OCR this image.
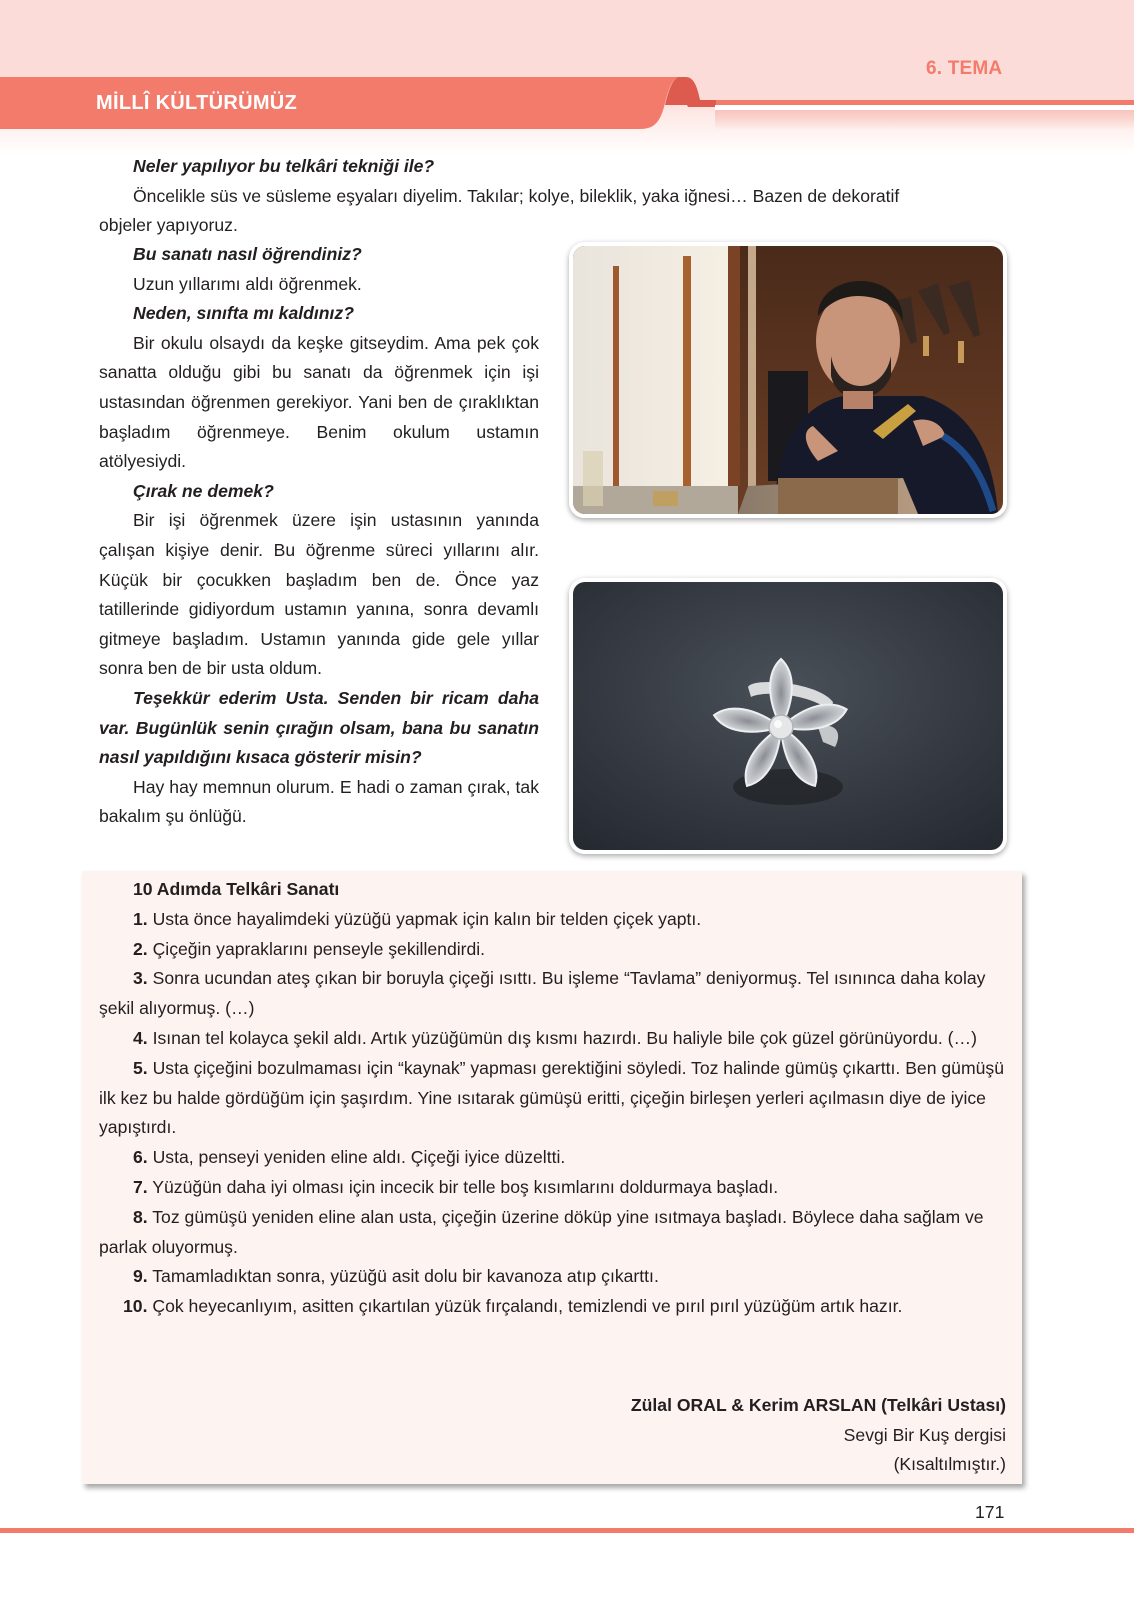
6. TEMA
MİLLÎ KÜLTÜRÜMÜZ
Neler yapılıyor bu telkâri tekniği ile?
Öncelikle süs ve süsleme eşyaları diyelim. Takılar; kolye, bileklik, yaka iğnesi… Bazen de dekoratif
objeler yapıyoruz.
Bu sanatı nasıl öğrendiniz?
Uzun yıllarımı aldı öğrenmek.
Neden, sınıfta mı kaldınız?
Bir okulu olsaydı da keşke gitseydim. Ama pek çok sanatta olduğu gibi bu sanatı da öğrenmek için işi ustasından öğrenmen gerekiyor. Yani ben de çıraklıktan başladım öğrenmeye. Benim okulum ustamın atölyesiydi.
Çırak ne demek?
Bir işi öğrenmek üzere işin ustasının yanında çalışan kişiye denir. Bu öğrenme süreci yıllarını alır. Küçük bir çocukken başladım ben de. Önce yaz tatillerinde gidiyordum ustamın yanına, sonra devamlı gitmeye başladım. Ustamın yanında gide gele yıllar sonra ben de bir usta oldum.
Teşekkür ederim Usta. Senden bir ricam daha var. Bugünlük senin çırağın olsam, bana bu sanatın nasıl yapıldığını kısaca gösterir misin?
Hay hay memnun olurum. E hadi o zaman çırak, tak bakalım şu önlüğü.
10 Adımda Telkâri Sanatı
1. Usta önce hayalimdeki yüzüğü yapmak için kalın bir telden çiçek yaptı.
2. Çiçeğin yapraklarını penseyle şekillendirdi.
3. Sonra ucundan ateş çıkan bir boruyla çiçeği ısıttı. Bu işleme “Tavlama” deniyormuş. Tel ısınınca daha kolay şekil alıyormuş. (…)
4. Isınan tel kolayca şekil aldı. Artık yüzüğümün dış kısmı hazırdı. Bu haliyle bile çok güzel görünüyordu. (…)
5. Usta çiçeğini bozulmaması için “kaynak” yapması gerektiğini söyledi. Toz halinde gümüş çıkarttı. Ben gümüşü ilk kez bu halde gördüğüm için şaşırdım. Yine ısıtarak gümüşü eritti, çiçeğin birleşen yerleri açılmasın diye de iyice yapıştırdı.
6. Usta, penseyi yeniden eline aldı. Çiçeği iyice düzeltti.
7. Yüzüğün daha iyi olması için incecik bir telle boş kısımlarını doldurmaya başladı.
8. Toz gümüşü yeniden eline alan usta, çiçeğin üzerine döküp yine ısıtmaya başladı. Böylece daha sağlam ve parlak oluyormuş.
9. Tamamladıktan sonra, yüzüğü asit dolu bir kavanoza atıp çıkarttı.
10. Çok heyecanlıyım, asitten çıkartılan yüzük fırçalandı, temizlendi ve pırıl pırıl yüzüğüm artık hazır.
Zülal ORAL & Kerim ARSLAN (Telkâri Ustası)
Sevgi Bir Kuş dergisi
(Kısaltılmıştır.)
171
